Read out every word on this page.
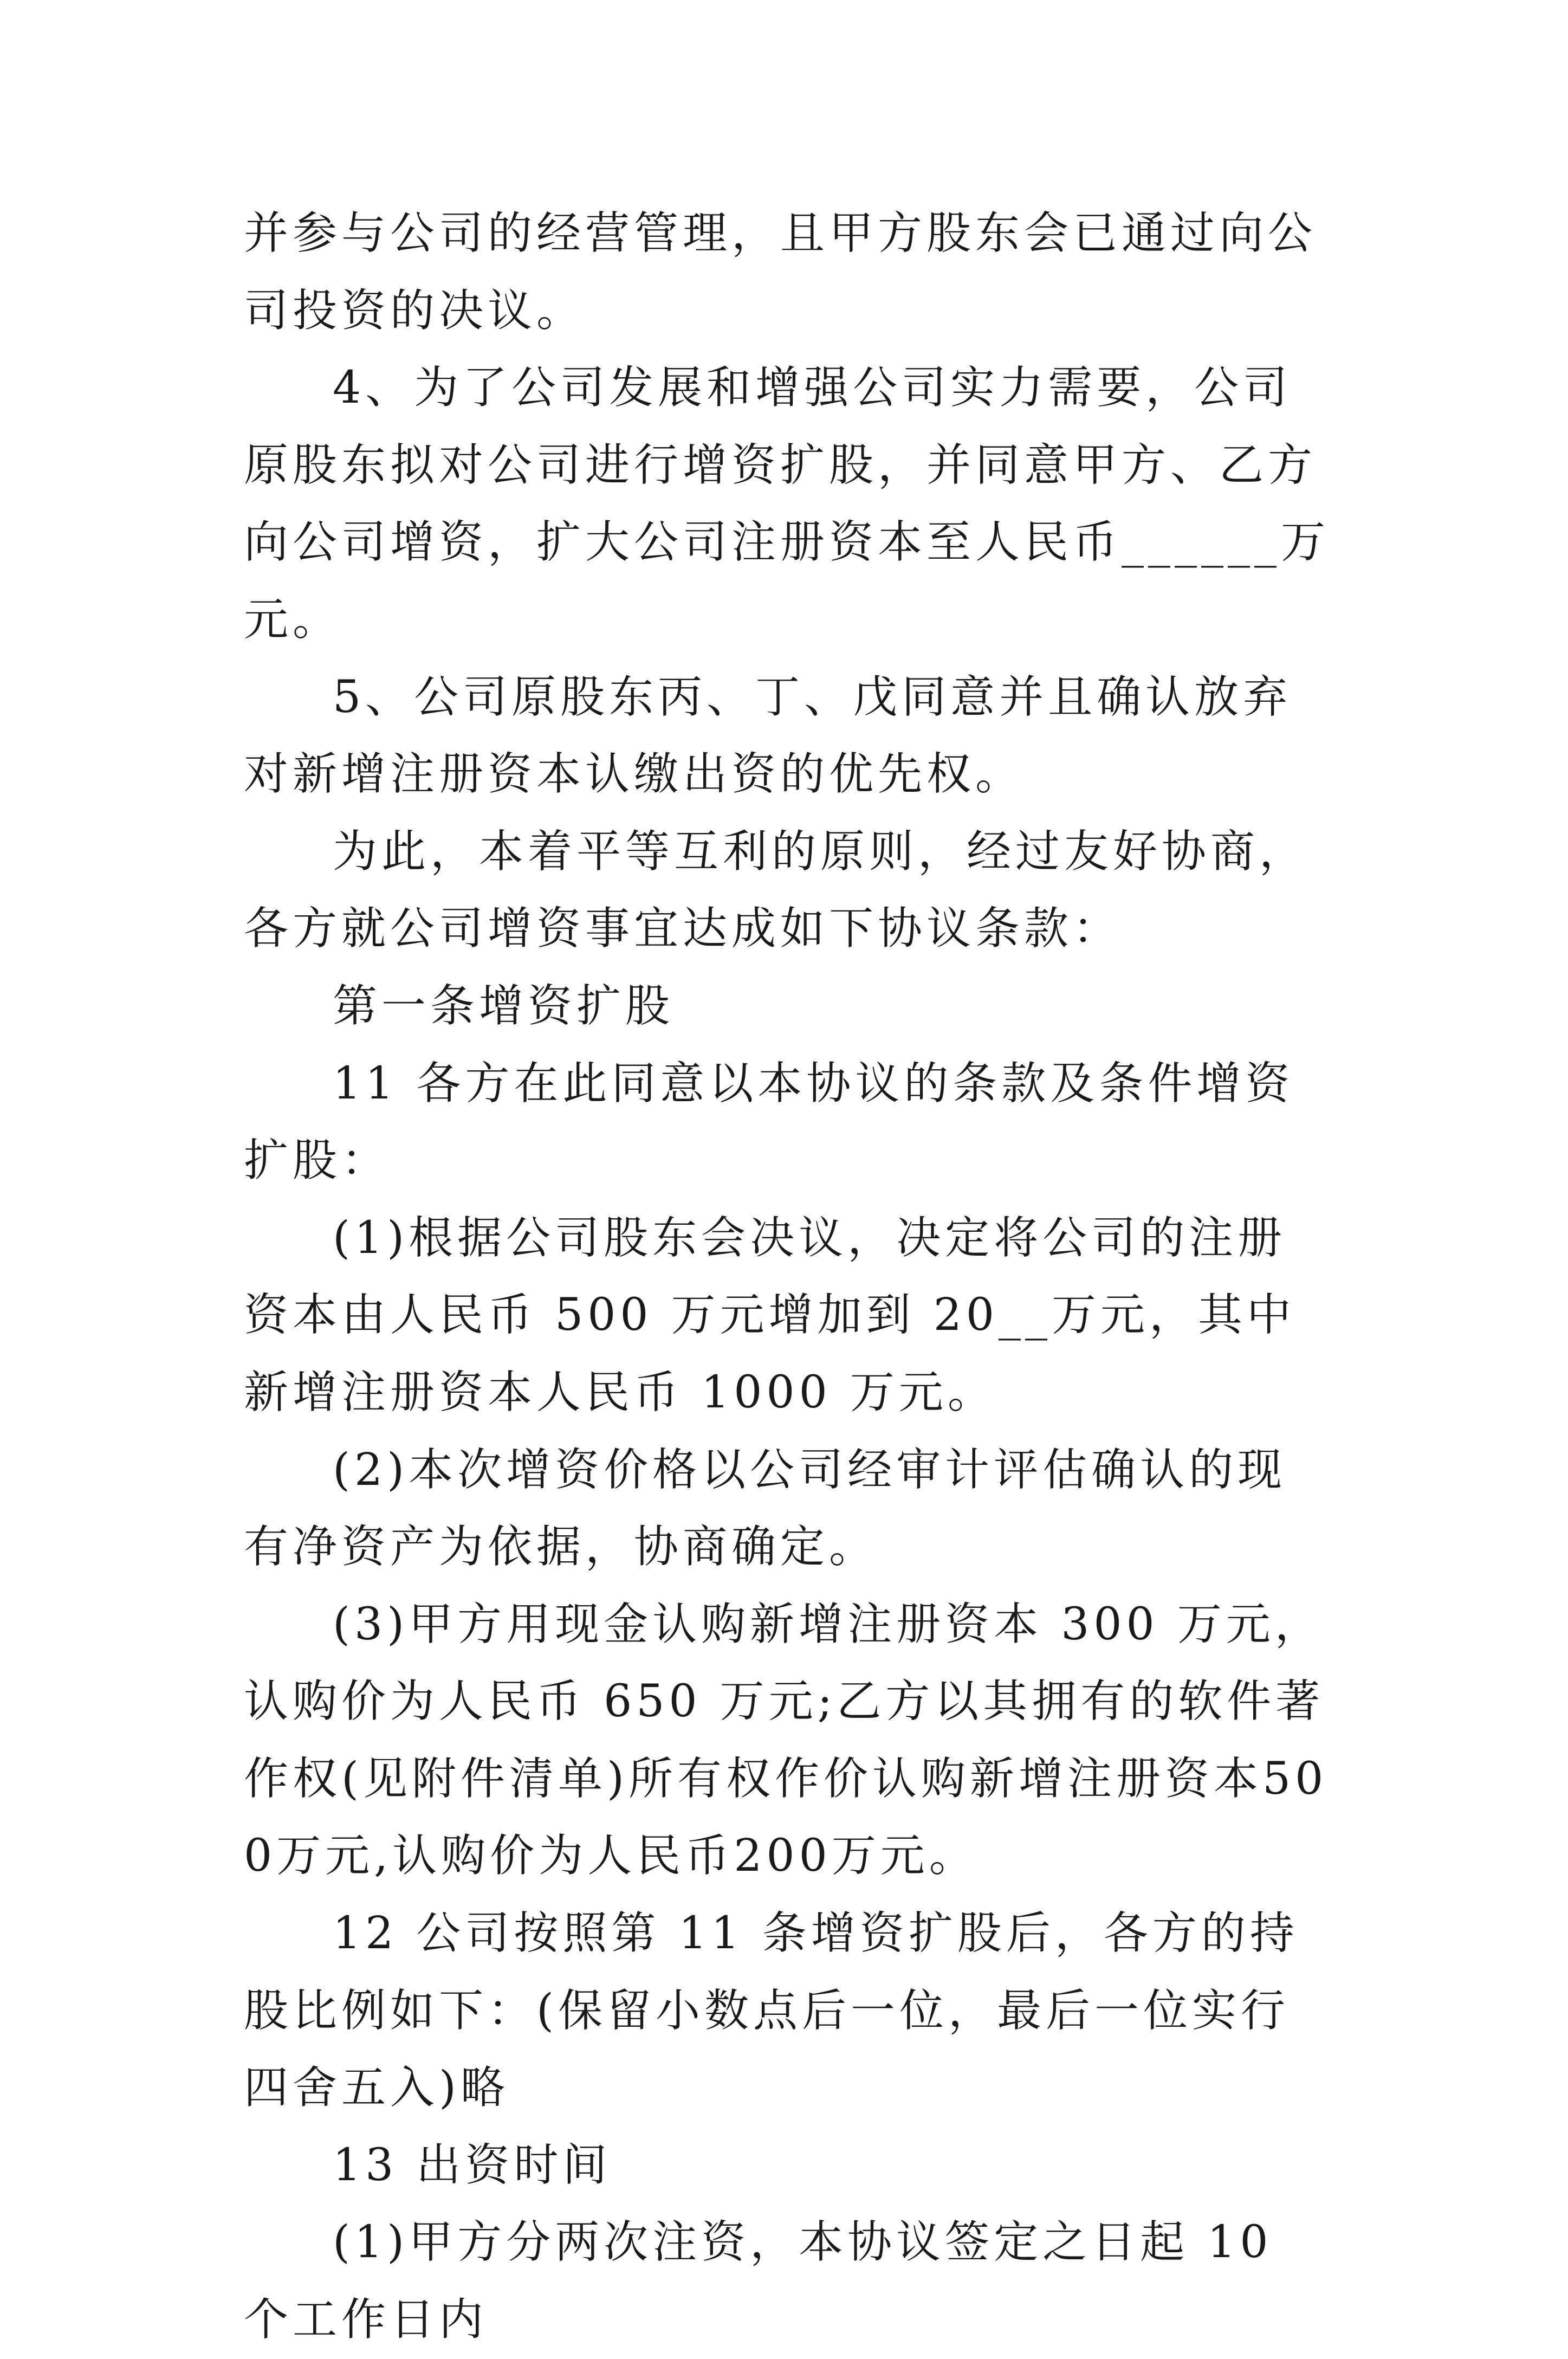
并参与公司的经营管理，且甲方股东会已通过向公司投资的决议。

4、为了公司发展和增强公司实力需要，公司原股东拟对公司进行增资扩股，并同意甲方、乙方向公司增资，扩大公司注册资本至人民币______万元。

5、公司原股东丙、丁、戊同意并且确认放弃对新增注册资本认缴出资的优先权。

为此，本着平等互利的原则，经过友好协商，各方就公司增资事宜达成如下协议条款：

第一条增资扩股

11 各方在此同意以本协议的条款及条件增资扩股：

(1)根据公司股东会决议，决定将公司的注册资本由人民币 500 万元增加到 20__万元，其中新增注册资本人民币 1000 万元。

(2)本次增资价格以公司经审计评估确认的现有净资产为依据，协商确定。

(3)甲方用现金认购新增注册资本 300 万元，认购价为人民币 650 万元;乙方以其拥有的软件著作权(见附件清单)所有权作价认购新增注册资本500万元,认购价为人民币200万元。

12 公司按照第 11 条增资扩股后，各方的持股比例如下：(保留小数点后一位，最后一位实行四舍五入)略

13 出资时间

(1)甲方分两次注资，本协议签定之日起 10 个工作日内
